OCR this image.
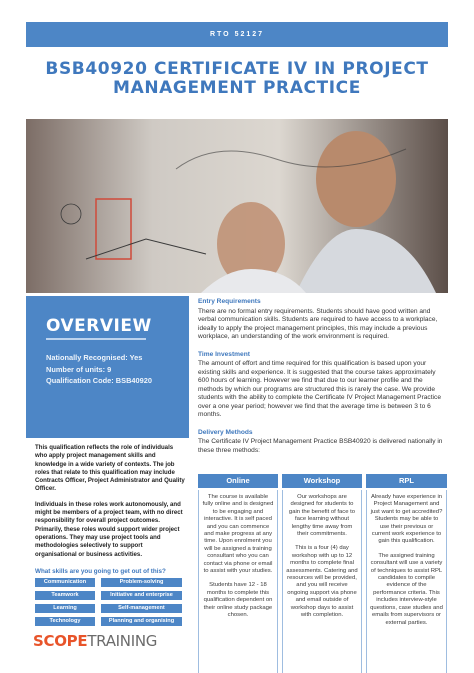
RTO 52127
BSB40920 CERTIFICATE IV IN PROJECT
MANAGEMENT PRACTICE
OVERVIEW
Nationally Recognised: Yes
Number of units: 9
Qualification Code: BSB40920

This qualification reflects the role of individuals who apply project management skills and knowledge in a wide variety of contexts. The job roles that relate to this qualification may include Contracts Officer, Project Administrator and Quality Officer.

Individuals in these roles work autonomously, and might be members of a project team, with no direct responsibility for overall project outcomes. Primarily, these roles would support wider project operations. They may use project tools and methodologies selectively to support organisational or business activities.

What skills are you going to get out of this?
Communication	Problem-solving
Teamwork	Initiative and enterprise
Learning	Self-management
Technology	Planning and organising
SCOPETRAINING
Entry Requirements

There are no formal entry requirements. Students should have good written and verbal communication skills. Students are required to have access to a workplace, ideally to apply the project management principles, this may include a previous workplace, an understanding of the work environment is required.

Time Investment

The amount of effort and time required for this qualification is based upon your existing skills and experience. It is suggested that the course takes approximately 600 hours of learning. However we find that due to our learner profile and the methods by which our programs are structured this is rarely the case. We provide students with the ability to complete the Certificate IV Project Management Practice over a one year period; however we find that the average time is between 3 to 6 months.

Delivery Methods

The Certificate IV Project Management Practice BSB40920 is delivered nationally in these three methods:

Online

The course is available fully online and is designed to be engaging and interactive. It is self paced and you can commence and make progress at any time. Upon enrolment you will be assigned a training consultant who you can contact via phone or email to assist with your studies.

Students have 12 - 18 months to complete this qualification dependent on their online study package chosen.

Workshop

Our workshops are designed for students to gain the benefit of face to face learning without lengthy time away from their commitments.

This is a four (4) day workshop with up to 12 months to complete final assessments. Catering and resources will be provided, and you will receive ongoing support via phone and email outside of workshop days to assist with completion.

RPL

Already have experience in Project Management and just want to get accredited? Students may be able to use their previous or current work experience to gain this qualification.

The assigned training consultant will use a variety of techniques to assist RPL candidates to compile evidence of the performance criteria. This includes interview-style questions, case studies and emails from supervisors or external parties.
